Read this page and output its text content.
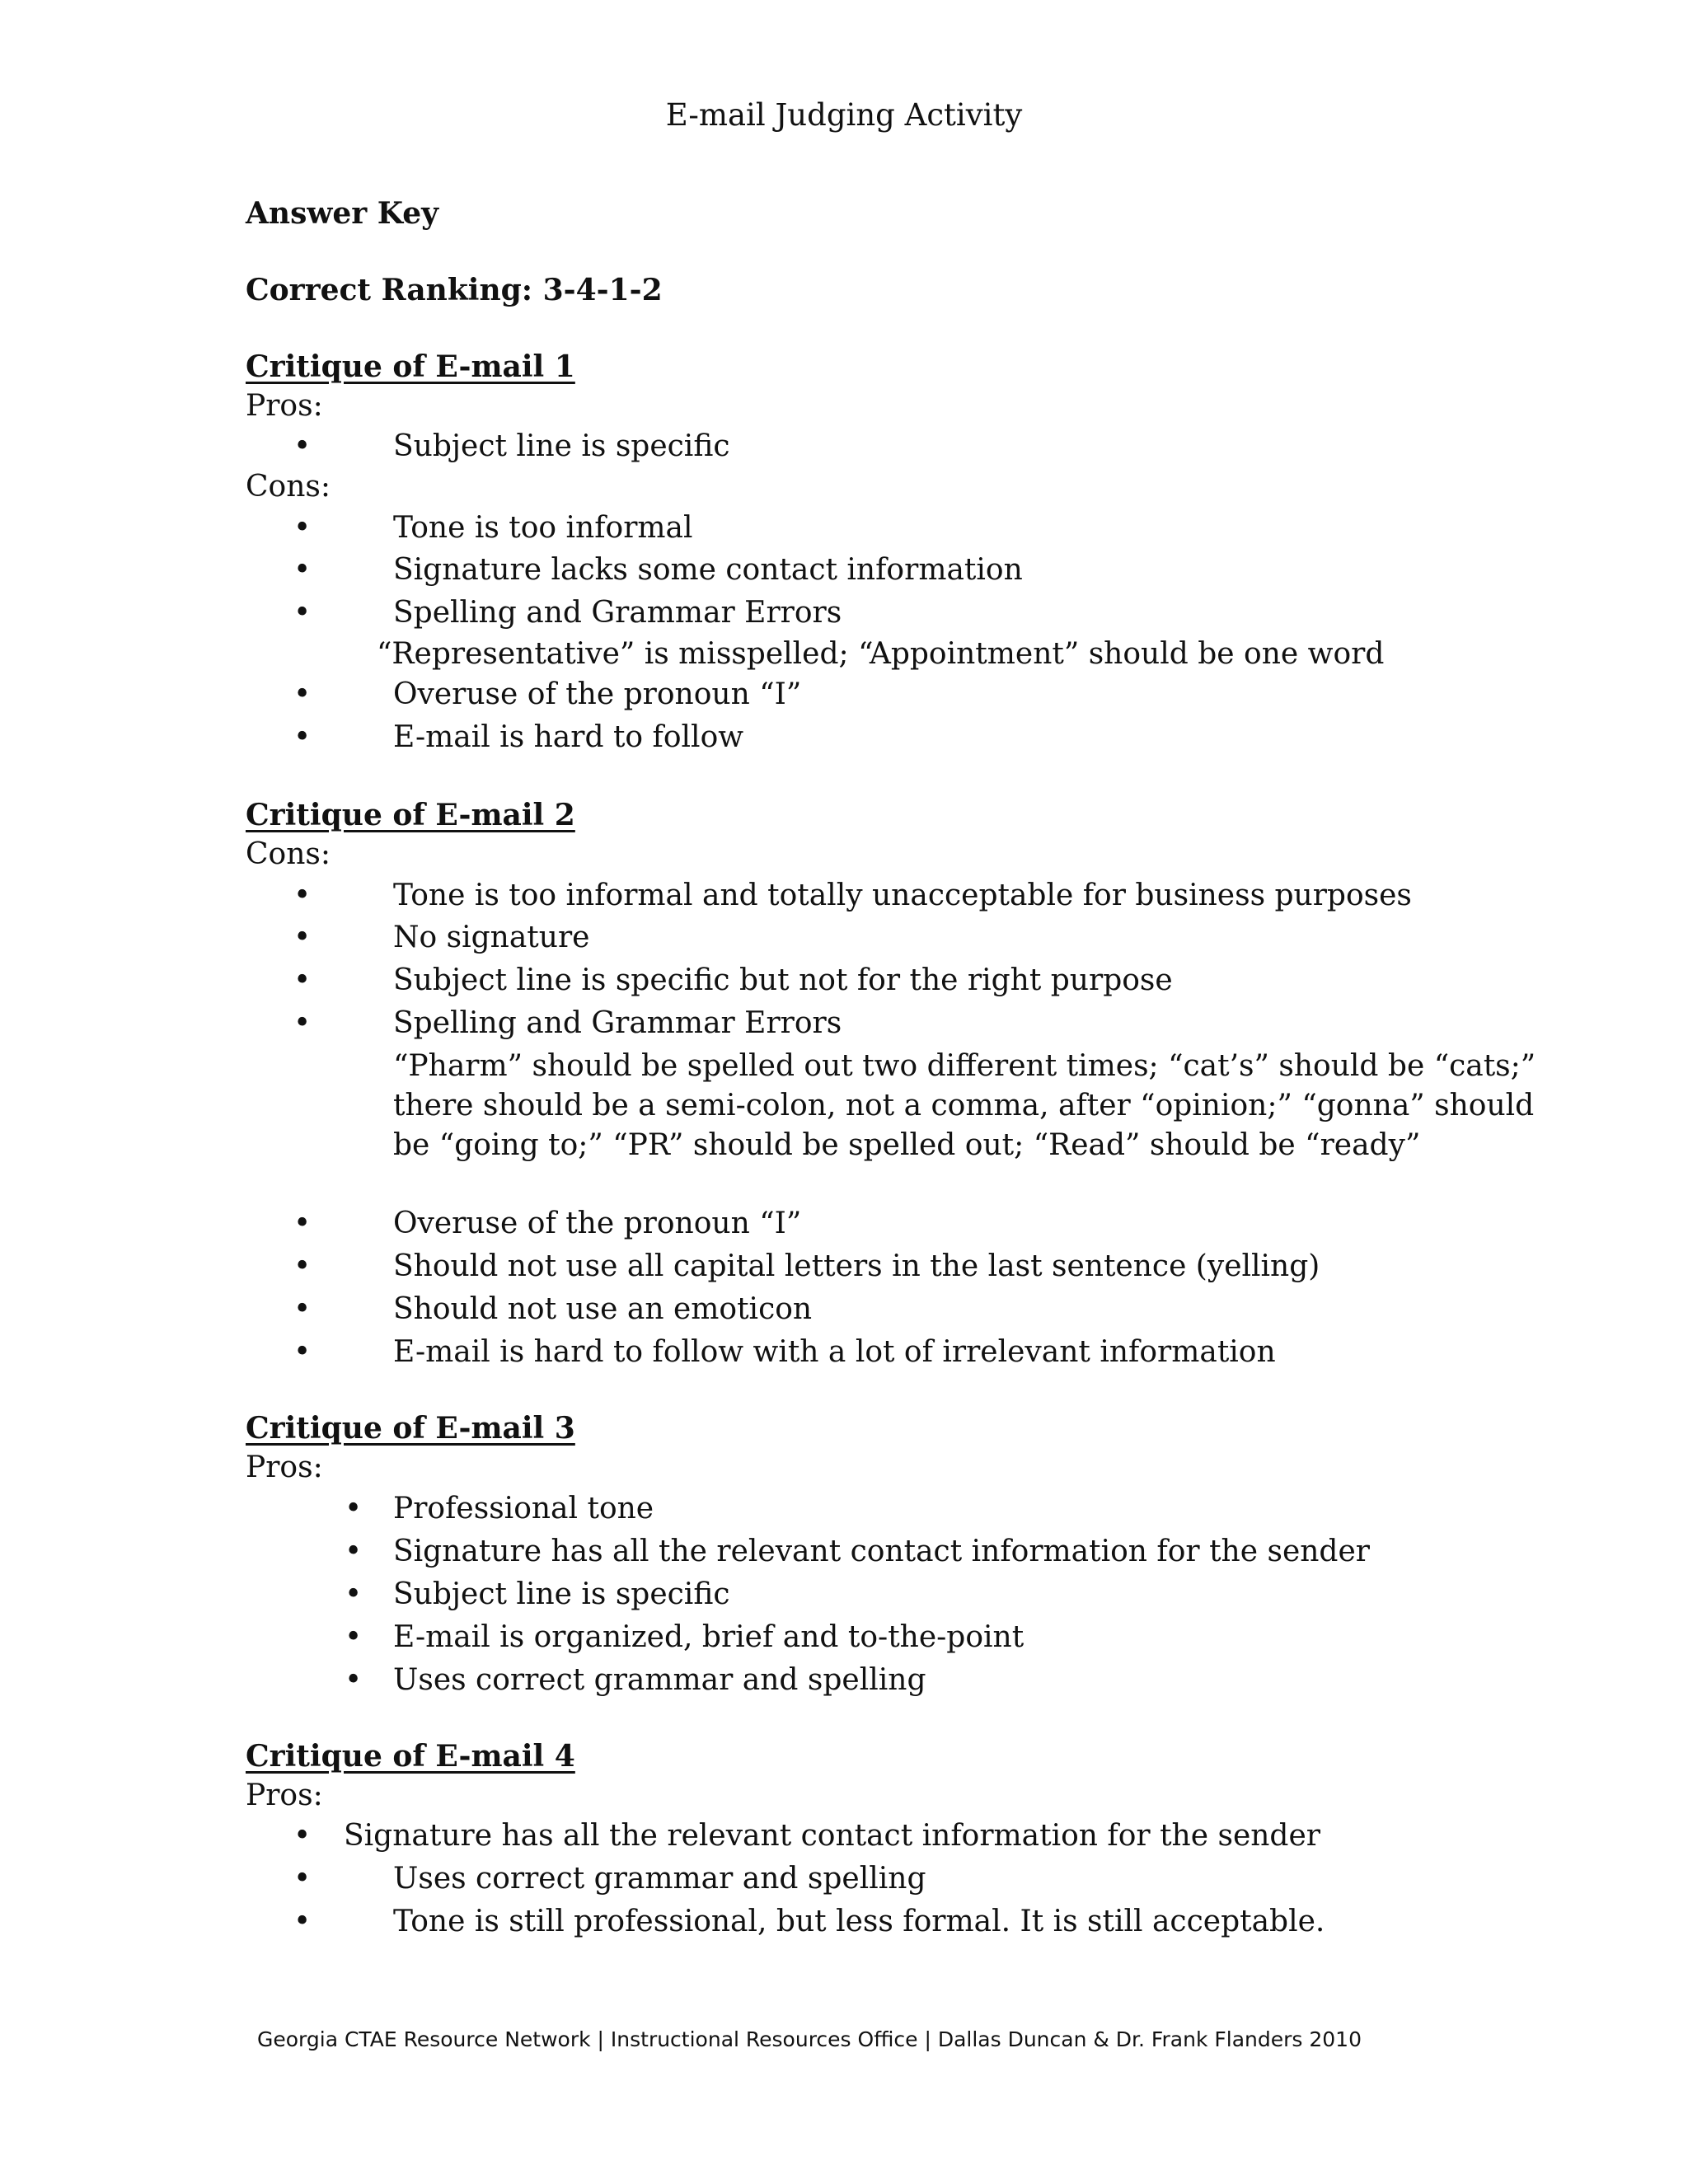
E-mail Judging Activity
Answer Key
Correct Ranking: 3-4-1-2
Critique of E-mail 1
Pros:
•	Subject line is specific
Cons:
•	Tone is too informal
•	Signature lacks some contact information
•	Spelling and Grammar Errors
“Representative” is misspelled; “Appointment” should be one word
•	Overuse of the pronoun “I”
•	E-mail is hard to follow
Critique of E-mail 2
Cons:
•	Tone is too informal and totally unacceptable for business purposes
•	No signature
•	Subject line is specific but not for the right purpose
•	Spelling and Grammar Errors
“Pharm” should be spelled out two different times; “cat’s” should be “cats;” there should be a semi-colon, not a comma, after “opinion;” “gonna” should be “going to;” “PR” should be spelled out; “Read” should be “ready”
•	Overuse of the pronoun “I”
•	Should not use all capital letters in the last sentence (yelling)
•	Should not use an emoticon
•	E-mail is hard to follow with a lot of irrelevant information
Critique of E-mail 3
Pros:
• Professional tone
• Signature has all the relevant contact information for the sender
• Subject line is specific
• E-mail is organized, brief and to-the-point
• Uses correct grammar and spelling
Critique of E-mail 4
Pros:
• Signature has all the relevant contact information for the sender
•	Uses correct grammar and spelling
•	Tone is still professional, but less formal. It is still acceptable.
Georgia CTAE Resource Network | Instructional Resources Office | Dallas Duncan & Dr. Frank Flanders 2010
